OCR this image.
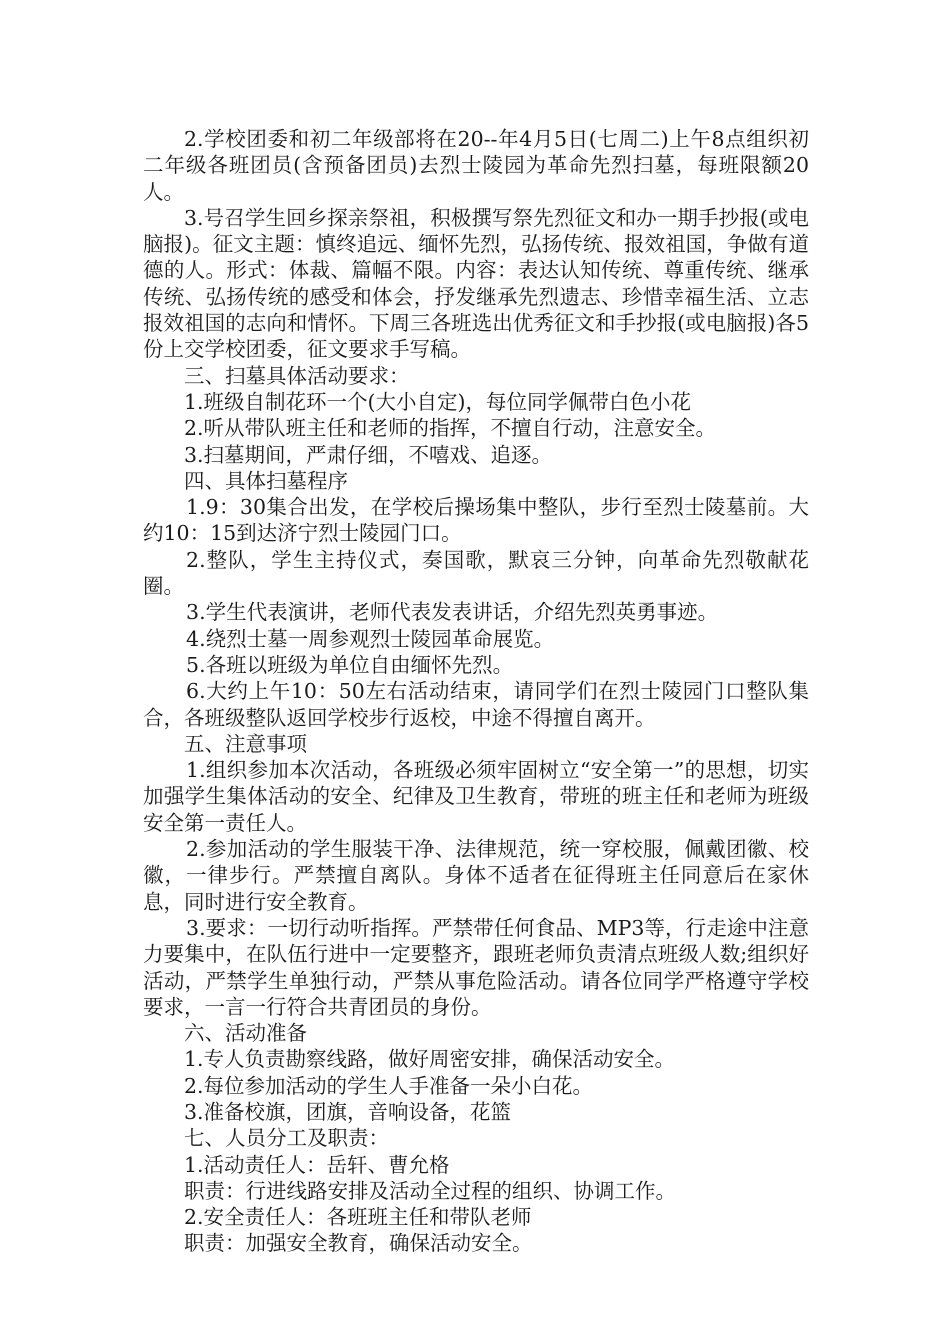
2.学校团委和初二年级部将在20--年4月5日(七周二)上午8点组织初二年级各班团员(含预备团员)去烈士陵园为革命先烈扫墓，每班限额20人。

3.号召学生回乡探亲祭祖，积极撰写祭先烈征文和办一期手抄报(或电脑报)。征文主题：慎终追远、缅怀先烈，弘扬传统、报效祖国，争做有道德的人。形式：体裁、篇幅不限。内容：表达认知传统、尊重传统、继承传统、弘扬传统的感受和体会，抒发继承先烈遗志、珍惜幸福生活、立志报效祖国的志向和情怀。下周三各班选出优秀征文和手抄报(或电脑报)各5份上交学校团委，征文要求手写稿。

三、扫墓具体活动要求：

1.班级自制花环一个(大小自定)，每位同学佩带白色小花

2.听从带队班主任和老师的指挥，不擅自行动，注意安全。

3.扫墓期间，严肃仔细，不嘻戏、追逐。

四、具体扫墓程序

1.9：30集合出发，在学校后操场集中整队，步行至烈士陵墓前。大约10：15到达济宁烈士陵园门口。

2.整队，学生主持仪式，奏国歌，默哀三分钟，向革命先烈敬献花圈。

3.学生代表演讲，老师代表发表讲话，介绍先烈英勇事迹。

4.绕烈士墓一周参观烈士陵园革命展览。

5.各班以班级为单位自由缅怀先烈。

6.大约上午10：50左右活动结束，请同学们在烈士陵园门口整队集合，各班级整队返回学校步行返校，中途不得擅自离开。

五、注意事项

1.组织参加本次活动，各班级必须牢固树立“安全第一”的思想，切实加强学生集体活动的安全、纪律及卫生教育，带班的班主任和老师为班级安全第一责任人。

2.参加活动的学生服装干净、法律规范，统一穿校服，佩戴团徽、校徽，一律步行。严禁擅自离队。身体不适者在征得班主任同意后在家休息，同时进行安全教育。

3.要求：一切行动听指挥。严禁带任何食品、MP3等，行走途中注意力要集中，在队伍行进中一定要整齐，跟班老师负责清点班级人数;组织好活动，严禁学生单独行动，严禁从事危险活动。请各位同学严格遵守学校要求，一言一行符合共青团员的身份。

六、活动准备

1.专人负责勘察线路，做好周密安排，确保活动安全。

2.每位参加活动的学生人手准备一朵小白花。

3.准备校旗，团旗，音响设备，花篮

七、人员分工及职责：

1.活动责任人：岳轩、曹允格

职责：行进线路安排及活动全过程的组织、协调工作。

2.安全责任人：各班班主任和带队老师

职责：加强安全教育，确保活动安全。
